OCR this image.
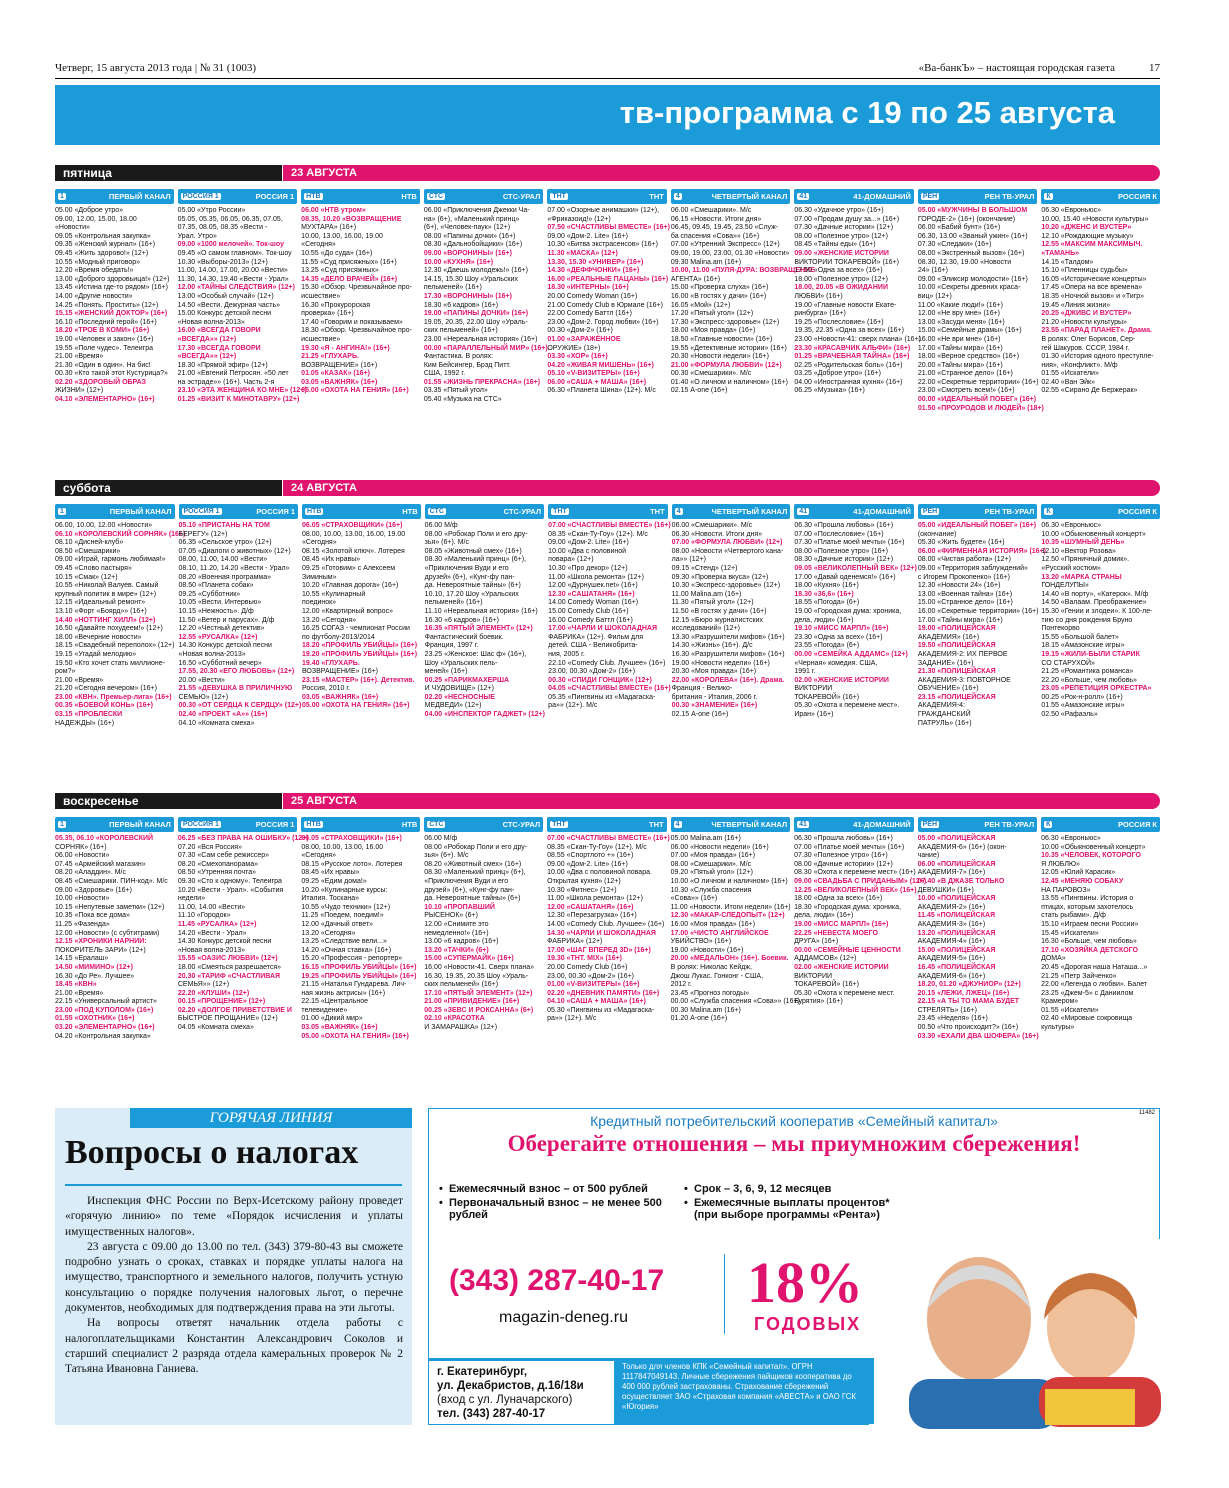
Четверг, 15 августа 2013 года | № 31 (1003)	«Ва-банкЪ» – настоящая городская газета	17
тв-программа с 19 по 25 августа
пятница	23 АВГУСТА
1	ПЕРВЫЙ КАНАЛ
05.00 «Доброе утро»
09.00, 12.00, 15.00, 18.00
«Новости»
09.05 «Контрольная закупка»
09.35 «Женский журнал» (16+)
09.45 «Жить здорово!» (12+)
10.55 «Модный приговор»
12.20 «Время обедать!»
13.00 «Доброго здоровьица!» (12+)
13.45 «Истина где-то рядом» (16+)
14.00 «Другие новости»
14.25 «Понять. Простить» (12+)
15.15 «ЖЕНСКИЙ ДОКТОР» (16+)
16.10 «Последний герой» (16+)
18.20 «ТРОЕ В КОМИ» (16+)
19.00 «Человек и закон» (16+)
19.55 «Поле чудес». Телеигра
21.00 «Время»
21.30 «Один в один». На бис!
00.30 «Кто такой этот Кустурица?»
02.20 «ЗДОРОВЫЙ ОБРАЗ
ЖИЗНИ» (12+)
04.10 «ЭЛЕМЕНТАРНО» (16+)
РОССИЯ 1	РОССИЯ 1
05.00 «Утро России»
05.05, 05.35, 06.05, 06.35, 07.05,
07.35, 08.05, 08.35 «Вести -
Урал. Утро»
09.00 «1000 мелочей». Ток-шоу
09.45 «О самом главном». Ток-шоу
10.30 «Выборы-2013» (12+)
11.00, 14.00, 17.00, 20.00 «Вести»
11.30, 14.30, 19.40 «Вести - Урал»
12.00 «ТАЙНЫ СЛЕДСТВИЯ» (12+)
13.00 «Особый случай» (12+)
14.50 «Вести. Дежурная часть»
15.00 Конкурс детской песни
«Новая волна-2013»
16.00 «ВСЕГДА ГОВОРИ
«ВСЕГДА»» (12+)
17.30 «ВСЕГДА ГОВОРИ
«ВСЕГДА»» (12+)
18.30 «Прямой эфир» (12+)
21.00 «Евгений Петросян. «50 лет
на эстраде»» (16+). Часть 2-я
23.10 «ЭТА ЖЕНЩИНА КО МНЕ» (12+)
01.25 «ВИЗИТ К МИНОТАВРУ» (12+)
НТВ	НТВ
06.00 «НТВ утром»
08.35, 10.20 «ВОЗВРАЩЕНИЕ
МУХТАРА» (16+)
10.00, 13.00, 16.00, 19.00
«Сегодня»
10.55 «До суда» (16+)
11.55 «Суд присяжных» (16+)
13.25 «Суд присяжных»
14.35 «ДЕЛО ВРАЧЕЙ» (16+)
15.30 «Обзор. Чрезвычайное про-
исшествие»
16.30 «Прокурорская
проверка» (16+)
17.40 «Говорим и показываем»
18.30 «Обзор. Чрезвычайное про-
исшествие»
19.30 «Я - АНГИНА!» (16+)
21.25 «ГЛУХАРЬ.
ВОЗВРАЩЕНИЕ» (16+)
01.05 «КАЗАК» (16+)
03.05 «ВАЖНЯК» (16+)
05.00 «ОХОТА НА ГЕНИЯ» (16+)
СТС	СТС-УРАЛ
06.00 «Приключения Джекки Ча-
на» (6+), «Маленький принц»
(6+), «Человек-паук» (12+)
08.00 «Папины дочки» (16+)
08.30 «Дальнобойщики» (16+)
09.00 «ВОРОНИНЫ» (16+)
10.00 «КУХНЯ» (16+)
12.30 «Даешь молодежь!» (16+)
14.15, 15.30 Шоу «Уральских
пельменей» (16+)
17.30 «ВОРОНИНЫ» (16+)
18.30 «6 кадров» (16+)
19.00 «ПАПИНЫ ДОЧКИ» (16+)
19.05, 20.35, 22.00 Шоу «Ураль-
ских пельменей» (16+)
23.00 «Нереальная история» (16+)
00.00 «ПАРАЛЛЕЛЬНЫЙ МИР» (16+).
Фантастика. В ролях:
Ким Бейсингер, Брэд Питт.
США, 1992 г.
01.55 «ЖИЗНЬ ПРЕКРАСНА» (16+)
03.35 «Пятый угол»
05.40 «Музыка на СТС»
ТНТ	ТНТ
07.00 «Озорные анимашки» (12+),
«Фриказоид!» (12+)
07.50 «СЧАСТЛИВЫ ВМЕСТЕ» (16+)
09.00 «Дом-2. Lite» (16+)
10.30 «Битва экстрасенсов» (16+)
11.30 «МАСКА» (12+)
13.30, 15.30 «УНИВЕР» (16+)
14.30 «ДЕФФЧОНКИ» (16+)
16.00 «РЕАЛЬНЫЕ ПАЦАНЫ» (16+)
18.30 «ИНТЕРНЫ» (16+)
20.00 Comedy Woman (16+)
21.00 Comedy Club в Юрмале (16+)
22.00 Comedy Баттл (16+)
23.00 «Дом-2. Город любви» (16+)
00.30 «Дом-2» (16+)
01.00 «ЗАРАЖЁННОЕ
ОРУЖИЕ» (18+)
03.30 «ХОР» (16+)
04.20 «ЖИВАЯ МИШЕНЬ» (16+)
05.10 «V-ВИЗИТЕРЫ» (16+)
06.00 «САША + МАША» (16+)
06.30 «Планета Шина» (12+). М/с
4	ЧЕТВЕРТЫЙ КАНАЛ
06.00 «Смешарики». М/с
06.15 «Новости. Итоги дня»
06.45, 09.45, 19.45, 23.50 «Служ-
ба спасения «Сова»» (16+)
07.00 «Утренний Экспресс» (12+)
09.00, 19.00, 23.00, 01.30 «Новости»
09.30 Malina.am (16+)
10.00, 11.00 «ПУЛЯ-ДУРА: ВОЗВРАЩЕНИЕ
АГЕНТА» (16+)
15.00 «Проверка слуха» (16+)
16.00 «В гостях у дачи» (16+)
16.05 «Мой» (12+)
17.20 «Пятый угол» (12+)
17.30 «Экспресс-здоровье» (12+)
18.00 «Моя правда» (16+)
18.50 «Главные новости» (16+)
19.55 «Детективные истории» (16+)
20.30 «Новости недели» (16+)
21.00 «ФОРМУЛА ЛЮБВИ» (12+)
00.30 «Смешарики». М/с
01.40 «О личном и наличном» (16+)
02.15 А-one (16+)
41	41-ДОМАШНИЙ
06.30 «Удачное утро» (16+)
07.00 «Продам душу за...» (16+)
07.30 «Дачные истории» (12+)
08.00 «Полезное утро» (12+)
08.45 «Тайны еды» (16+)
09.00 «ЖЕНСКИЕ ИСТОРИИ
ВИКТОРИИ ТОКАРЕВОЙ» (16+)
17.50 «Одна за всех» (16+)
18.00 «Полезное утро» (12+)
18.00, 20.05 «В ОЖИДАНИИ
ЛЮБВИ» (16+)
19.00 «Главные новости Екате-
ринбурга» (16+)
19.25 «Послесловие» (16+)
19.35, 22.35 «Одна за всех» (16+)
23.00 «Новости-41: сверх плана» (16+)
23.30 «КРАСАВЧИК АЛЬФИ» (16+)
01.25 «ВРАЧЕБНАЯ ТАЙНА» (16+)
02.25 «Родительская боль» (16+)
03.25 «Доброе утро» (16+)
04.00 «Иностранная кухня» (16+)
06.25 «Музыка» (16+)
РЕН	РЕН ТВ-УРАЛ
05.00 «МУЖЧИНЫ В БОЛЬШОМ
ГОРОДЕ-2» (16+) (окончание)
06.00 «Бабий бунт» (16+)
06.30, 13.00 «Званый ужин» (16+)
07.30 «Следаки» (16+)
08.00 «Экстренный вызов» (16+)
08.30, 12.30, 19.00 «Новости
24» (16+)
09.00 «Эликсир молодости» (16+)
10.00 «Секреты древних краса-
виц» (12+)
11.00 «Какие люди!» (16+)
12.00 «Не вру мне» (16+)
13.00 «Засуди меня» (16+)
15.00 «Семейные драмы» (16+)
16.00 «Не ври мне» (16+)
17.00 «Тайны мира» (16+)
18.00 «Верное средство» (16+)
20.00 «Тайны мира» (16+)
21.00 «Странное дело» (16+)
22.00 «Секретные территории» (16+)
23.00 «Смотреть всем!» (16+)
00.00 «ИДЕАЛЬНЫЙ ПОБЕГ» (16+)
01.50 «ПРОУРОДОВ И ЛЮДЕЙ» (18+)
К	РОССИЯ К
06.30 «Евроньюс»
10.00, 15.40 «Новости культуры»
10.20 «ДЖЕНС И ВУСТЕР»
12.10 «Рождающие музыку»
12.55 «МАКСИМ МАКСИМЫЧ.
«ТАМАНЬ»
14.15 «Талдом»
15.10 «Пленницы судьбы»
16.05 «Исторические концерты»
17.45 «Опера на все времена»
18.35 «Ночной вызов» и «Тигр»
19.45 «Линия жизни»
20.25 «ДЖИВС И ВУСТЕР»
21.20 «Новости культуры»
23.55 «ПАРАД ПЛАНЕТ». Драма.
В ролях: Олег Борисов, Сер-
гей Шакуров. СССР, 1984 г.
01.30 «История одного преступле-
ния», «Конфликт». М/ф
01.55 «Искатели»
02.40 «Ван Эйк»
02.55 «Сирано Де Бержерак»
суббота	24 АВГУСТА
1	ПЕРВЫЙ КАНАЛ
06.00, 10.00, 12.00 «Новости»
06.10 «КОРОЛЕВСКИЙ СОРНЯК» (16+)
08.10 «Дисней-клуб»
08.50 «Смешарики»
09.00 «Играй, гармонь любимая!»
09.45 «Слово пастыря»
10.15 «Смак» (12+)
10.55 «Николай Валуев. Самый
крупный политик в мире» (12+)
12.15 «Идеальный ремонт»
13.10 «Форт «Боярд»» (16+)
14.40 «НОТТИНГ ХИЛЛ» (12+)
16.50 «Давайте похудеем!» (12+)
18.00 «Вечерние новости»
18.15 «Свадебный переполох» (12+)
19.15 «Угадай мелодию»
19.50 «Кто хочет стать миллионе-
ром?»
21.00 «Время»
21.20 «Сегодня вечером» (16+)
23.00 «КВН». Премьер-лига» (16+)
00.35 «БОЕВОЙ КОНЬ» (16+)
03.15 «ПРОБЛЕСКИ
НАДЕЖДЫ» (16+)
РОССИЯ 1	РОССИЯ 1
05.10 «ПРИСТАНЬ НА ТОМ
БЕРЕГУ» (12+)
06.35 «Сельское утро» (12+)
07.05 «Диалоги о животных» (12+)
08.00, 11.00, 14.00 «Вести»
08.10, 11.20, 14.20 «Вести - Урал»
08.20 «Военная программа»
08.50 «Планета собак»
09.25 «Субботник»
10.05 «Вести. Интервью»
10.15 «Нежность». Д/ф
11.50 «Ветер и парусах». Д/ф
12.20 «Честный детектив»
12.55 «РУСАЛКА» (12+)
14.30 Конкурс детской песни
«Новая волна-2013»
16.50 «Субботний вечер»
17.55, 20.30 «ЕГО ЛЮБОВЬ» (12+)
20.00 «Вести»
21.55 «ДЕВУШКА В ПРИЛИЧНУЮ
СЕМЬЮ» (12+)
00.30 «ОТ СЕРДЦА К СЕРДЦУ» (12+)
02.40 «ПРОЕКТ «А»» (16+)
04.10 «Комната смеха»
НТВ	НТВ
06.05 «СТРАХОВЩИКИ» (16+)
08.00, 10.00, 13.00, 16.00, 19.00
«Сегодня»
08.15 «Золотой ключ». Лотерея
08.45 «Их нравы»
09.25 «Готовим» с Алексеем
Зиминым»
10.20 «Главная дорога» (16+)
10.55 «Кулинарный
поединок»
12.00 «Квартирный вопрос»
13.20 «Сегодня»
16.25 СОГАЗ - чемпионат России
по футболу-2013/2014
18.20 «ПРОФИЛЬ УБИЙЦЫ» (16+)
19.20 «ПРОФИЛЬ УБИЙЦЫ» (16+)
19.40 «ГЛУХАРЬ.
ВОЗВРАЩЕНИЕ» (16+)
23.15 «МАСТЕР» (16+). Детектив.
Россия, 2010 г.
03.05 «ВАЖНЯК» (16+)
05.00 «ОХОТА НА ГЕНИЯ» (16+)
СТС	СТС-УРАЛ
06.00 М/ф
08.00 «Робокар Поли и его дру-
зья» (6+). М/с
08.05 «Животный смех» (16+)
08.30 «Маленький принц» (6+),
«Приключения Вуди и его
друзей» (6+), «Кунг-фу пан-
да. Невероятные тайны» (6+)
10.10, 17.20 Шоу «Уральских
пельменей» (16+)
11.10 «Нереальная история» (16+)
16.30 «6 кадров» (16+)
16.35 «ПЯТЫЙ ЭЛЕМЕНТ» (12+)
Фантастический боевик.
Франция, 1997 г.
23.25 «Женское: Шас ф» (16+),
Шоу «Уральских пель-
меней» (16+)
00.25 «ПАРИКМАХЕРША
И ЧУДОВИЩЕ» (12+)
02.20 «НЕСНОСНЫЕ
МЕДВЕДИ» (12+)
04.00 «ИНСПЕКТОР ГАДЖЕТ» (12+)
ТНТ	ТНТ
07.00 «СЧАСТЛИВЫ ВМЕСТЕ» (16+)
08.35 «Скан-Ту-Гоу» (12+). М/с
09.00 «Дом-2. Lite» (16+)
10.00 «Два с половиной
повара» (12+)
10.30 «Про декор» (12+)
11.00 «Школа ремонта» (12+)
12.00 «Дурнушек.net» (16+)
12.30 «САШАТАНЯ» (16+)
14.00 Comedy Woman (16+)
15.00 Comedy Club (16+)
16.00 Comedy Баттл (16+)
17.00 «ЧАРЛИ И ШОКОЛАДНАЯ
ФАБРИКА» (12+). Фильм для
детей. США - Великобрита-
ния, 2005 г.
22.10 «Comedy Club. Лучшее» (16+)
23.00, 00.30 «Дом-2» (16+)
00.30 «СПИДИ ГОНЩИК» (12+)
04.05 «СЧАСТЛИВЫ ВМЕСТЕ» (16+)
05.35 «Пингвины из «Мадагаска-
ра»» (12+). М/с
4	ЧЕТВЕРТЫЙ КАНАЛ
06.00 «Смешарики». М/с
06.30 «Новости. Итоги дня»
07.00 «ФОРМУЛА ЛЮБВИ» (12+)
08.00 «Новости «Четвертого кана-
ла»» (12+)
09.15 «Стенд» (12+)
09.30 «Проверка вкуса» (12+)
10.30 «Экспресс-здоровье» (12+)
11.00 Malina.am (16+)
11.30 «Пятый угол» (12+)
11.50 «В гостях у дачи» (16+)
12.15 «Бюро журналистских
исследований» (12+)
13.30 «Разрушители мифов» (16+)
14.30 «Жизнь» (16+). Д/с
16.30 «Разрушители мифов» (16+)
19.00 «Новости недели» (16+)
20.30 «Моя правда» (16+)
22.00 «КОРОЛЕВА» (16+). Драма.
Франция - Велико-
британия - Италия, 2006 г.
00.30 «ЗНАМЕНИЕ» (16+)
02.15 А-one (16+)
41	41-ДОМАШНИЙ
06.30 «Прошла любовь» (16+)
07.00 «Послесловие» (16+)
07.30 «Платье моей мечты» (16+)
08.00 «Полезное утро» (16+)
08.30 «Дачные истории» (12+)
09.05 «ВЕЛИКОЛЕПНЫЙ ВЕК» (12+)
17.00 «Давай оденемся!» (16+)
18.00 «Кухня» (16+)
18.30 «36,6» (16+)
18.55 «Погода» (6+)
19.00 «Городская дума: хроника,
дела, люди» (16+)
19.10 «МИСС МАРПЛ» (16+)
23.30 «Одна за всех» (16+)
23.55 «Погода» (6+)
00.00 «СЕМЕЙКА АДДАМС» (12+)
«Черная» комедия. США,
1991 г.
02.00 «ЖЕНСКИЕ ИСТОРИИ
ВИКТОРИИ
ТОКАРЕВОЙ» (16+)
05.30 «Охота к перемене мест».
Иран» (16+)
РЕН	РЕН ТВ-УРАЛ
05.00 «ИДЕАЛЬНЫЙ ПОБЕГ» (16+)
(окончание)
05.30 «Жить будете» (16+)
06.00 «ФИРМЕННАЯ ИСТОРИЯ» (16+)
08.00 «Чистая работа» (12+)
09.00 «Территория заблуждений»
с Игорем Прокопенко» (16+)
12.30 «Новости 24» (16+)
13.00 «Военная тайна» (16+)
15.00 «Странное дело» (16+)
16.00 «Секретные территории» (16+)
17.00 «Тайны мира» (16+)
19.00 «ПОЛИЦЕЙСКАЯ
АКАДЕМИЯ» (16+)
19.50 «ПОЛИЦЕЙСКАЯ
АКАДЕМИЯ-2: ИХ ПЕРВОЕ
ЗАДАНИЕ» (16+)
21.30 «ПОЛИЦЕЙСКАЯ
АКАДЕМИЯ-3: ПОВТОРНОЕ
ОБУЧЕНИЕ» (16+)
23.15 «ПОЛИЦЕЙСКАЯ
АКАДЕМИЯ-4:
ГРАЖДАНСКИЙ
ПАТРУЛЬ» (16+)
К	РОССИЯ К
06.30 «Евроньюс»
10.00 «Обыкновенный концерт»
10.35 «ШУМНЫЙ ДЕНЬ»
12.10 «Вектор Розова»
12.50 «Пряничный домик».
«Русский костюм»
13.20 «МАРКА СТРАНЫ
ГОНДЕЛУПЫ»
14.40 «В порту», «Катерок». М/ф
14.50 «Валаам. Преображение»
15.30 «Гении и злодеи». К 100-ле-
тию со дня рождения Бруно
Понтекорво
15.55 «Большой балет»
18.15 «Амазонские игры»
19.15 «ЖИЛИ-БЫЛИ СТАРИК
СО СТАРУХОЙ»
21.25 «Романтика романса»
22.20 «Больше, чем любовь»
23.05 «РЕПЕТИЦИЯ ОРКЕСТРА»
00.25 «Рок-н-ролл» (16+)
01.55 «Амазонские игры»
02.50 «Рафаэль»
воскресенье	25 АВГУСТА
1	ПЕРВЫЙ КАНАЛ
05.35, 06.10 «КОРОЛЕВСКИЙ
СОРНЯК» (16+)
06.00 «Новости»
07.45 «Армейский магазин»
08.20 «Аладдин». М/с
08.45 «Смешарики. ПИН-код». М/с
09.00 «Здоровье» (16+)
10.00 «Новости»
10.15 «Непутевые заметки» (12+)
10.35 «Пока все дома»
11.25 «Фазенда»
12.00 «Новости» (с субтитрами)
12.15 «ХРОНИКИ НАРНИИ:
ПОКОРИТЕЛЬ ЗАРИ» (12+)
14.15 «Ералаш»
14.50 «МИМИНО» (12+)
16.30 «До Ре». Лучшее»
18.45 «КВН»
21.00 «Время»
22.15 «Универсальный артист»
23.00 «ПОД КУПОЛОМ» (16+)
01.55 «ОХОТНИК» (16+)
03.20 «ЭЛЕМЕНТАРНО» (16+)
04.20 «Контрольная закупка»
РОССИЯ 1	РОССИЯ 1
06.25 «БЕЗ ПРАВА НА ОШИБКУ» (12+)
07.20 «Вся Россия»
07.30 «Сам себе режиссер»
08.20 «Смехопанорама»
08.50 «Утренняя почта»
09.30 «Сто к одному». Телеигра
10.20 «Вести - Урал». «События
недели»
11.00, 14.00 «Вести»
11.10 «Городок»
11.45 «РУСАЛКА» (12+)
14.20 «Вести - Урал»
14.30 Конкурс детской песни
«Новая волна-2013»
15.55 «ОАЗИС ЛЮБВИ» (12+)
18.00 «Смеяться разрешается»
20.30 «ТАРИФ «СЧАСТЛИВАЯ
СЕМЬЯ»» (12+)
22.20 «КЛУШИ» (12+)
00.15 «ПРОЩЕНИЕ» (12+)
02.20 «ДОЛГОЕ ПРИВЕТСТВИЕ И
БЫСТРОЕ ПРОЩАНИЕ» (12+)
04.05 «Комната смеха»
НТВ	НТВ
06.05 «СТРАХОВЩИКИ» (16+)
08.00, 10.00, 13.00, 16.00
«Сегодня»
08.15 «Русское лото». Лотерея
08.45 «Их нравы»
09.25 «Едим дома!»
10.20 «Кулинарные курсы:
Италия. Тоскана»
10.55 «Чудо техники» (12+)
11.25 «Поедем, поедим!»
12.00 «Дачный ответ»
13.20 «Сегодня»
13.25 «Следствие вели...»
14.20 «Очная ставка» (16+)
15.20 «Профессия - репортер»
16.15 «ПРОФИЛЬ УБИЙЦЫ» (16+)
19.25 «ПРОФИЛЬ УБИЙЦЫ» (16+)
21.15 «Наталья Гундарева. Лич-
ная жизнь актрисы» (16+)
22.15 «Центральное
телевидение»
01.00 «Дикий мир»
03.05 «ВАЖНЯК» (16+)
05.00 «ОХОТА НА ГЕНИЯ» (16+)
СТС	СТС-УРАЛ
06.00 М/ф
08.00 «Робокар Поли и его дру-
зья» (6+). М/с
08.20 «Животный смех» (16+)
08.30 «Маленький принц» (6+),
«Приключения Вуди и его
друзей» (6+), «Кунг-фу пан-
да. Невероятные тайны» (6+)
10.10 «ПРОПАВШИЙ
РЫСЕНОК» (6+)
12.00 «Снимите это
немедленно!» (16+)
13.00 «6 кадров» (16+)
13.20 «ТАЧКИ» (6+)
15.00 «СУПЕРМАЙК» (16+)
16.00 «Новости-41. Сверх плана»
16.30, 19.35, 20.35 Шоу «Ураль-
ских пельменей» (16+)
17.10 «ПЯТЫЙ ЭЛЕМЕНТ» (12+)
21.00 «ПРИВИДЕНИЕ» (16+)
00.25 «ЗЕВС И РОКСАННА» (6+)
02.10 «КРАСОТКА
И ЗАМАРАШКА» (12+)
ТНТ	ТНТ
07.00 «СЧАСТЛИВЫ ВМЕСТЕ» (16+)
08.35 «Скан-Ту-Гоу» (12+). М/с
08.55 «Спортлото +» (16+)
09.00 «Дом-2. Lite» (16+)
10.00 «Два с половиной повара.
Открытая кухня» (12+)
10.30 «Фитнес» (12+)
11.00 «Школа ремонта» (12+)
12.00 «САШАТАНЯ» (16+)
12.30 «Перезагрузка» (16+)
14.00 «Comedy Club. Лучшее» (16+)
14.30 «ЧАРЛИ И ШОКОЛАДНАЯ
ФАБРИКА» (12+)
17.00 «ШАГ ВПЕРЕД 3D» (16+)
19.30 «ТНТ. MIX» (16+)
20.00 Comedy Club (16+)
23.00, 00.30 «Дом-2» (16+)
01.00 «V-ВИЗИТЕРЫ» (16+)
02.20 «ДНЕВНИК ПАМЯТИ» (16+)
04.10 «САША + МАША» (16+)
05.30 «Пингвины из «Мадагаска-
ра»» (12+). М/с
4	ЧЕТВЕРТЫЙ КАНАЛ
05.00 Malina.am (16+)
06.00 «Новости недели» (16+)
07.00 «Моя правда» (16+)
08.00 «Смешарики». М/с
09.20 «Пятый угол» (12+)
10.00 «О личном и наличном» (16+)
10.30 «Служба спасения
«Сова»» (16+)
11.00 «Новости. Итоги недели» (16+)
12.30 «МАКАР-СЛЕДОПЫТ» (12+)
16.00 «Моя правда» (16+)
17.00 «ЧИСТО АНГЛИЙСКОЕ
УБИЙСТВО» (16+)
19.00 «Новости» (16+)
20.00 «МЕДАЛЬОН» (16+). Боевик.
В ролях: Николас Кейдж,
Джош Лукас. Гонконг - США,
2012 г.
23.45 «Прогноз погоды»
00.00 «Служба спасения «Сова»» (16+)
00.30 Malina.am (16+)
01.20 А-one (16+)
41	41-ДОМАШНИЙ
06.30 «Прошла любовь» (16+)
07.00 «Платье моей мечты» (16+)
07.30 «Полезное утро» (16+)
08.00 «Дачные истории» (12+)
08.30 «Охота к перемене мест» (16+)
09.00 «СВАДЬБА С ПРИДАНЫМ» (12+)
12.25 «ВЕЛИКОЛЕПНЫЙ ВЕК» (16+)
18.00 «Одна за всех» (16+)
18.30 «Городская дума: хроника,
дела, люди» (16+)
19.00 «МИСС МАРПЛ» (16+)
22.25 «НЕВЕСТА МОЕГО
ДРУГА» (16+)
00.00 «СЕМЕЙНЫЕ ЦЕННОСТИ
АДДАМСОВ» (12+)
02.00 «ЖЕНСКИЕ ИСТОРИИ
ВИКТОРИИ
ТОКАРЕВОЙ» (16+)
05.30 «Охота к перемене мест.
Бурятия» (16+)
РЕН	РЕН ТВ-УРАЛ
05.00 «ПОЛИЦЕЙСКАЯ
АКАДЕМИЯ-6» (16+) (окон-
чание)
06.00 «ПОЛИЦЕЙСКАЯ
АКАДЕМИЯ-7» (16+)
07.40 «В ДЖАЗЕ ТОЛЬКО
ДЕВУШКИ» (16+)
10.00 «ПОЛИЦЕЙСКАЯ
АКАДЕМИЯ-2» (16+)
11.45 «ПОЛИЦЕЙСКАЯ
АКАДЕМИЯ-3» (16+)
13.20 «ПОЛИЦЕЙСКАЯ
АКАДЕМИЯ-4» (16+)
15.00 «ПОЛИЦЕЙСКАЯ
АКАДЕМИЯ-5» (16+)
16.45 «ПОЛИЦЕЙСКАЯ
АКАДЕМИЯ-6» (16+)
18.20, 01.20 «ДЖУНИОР» (12+)
20.15 «ЛЕЖИ, ЛЖЕЦ» (16+)
22.15 «А ТЫ ТО МАМА БУДЕТ
СТРЕЛЯТЬ» (16+)
23.45 «Неделя» (16+)
00.50 «Что происходит?» (16+)
03.30 «ЕХАЛИ ДВА ШОФЕРА» (16+)
К	РОССИЯ К
06.30 «Евроньюс»
10.00 «Обыкновенный концерт»
10.35 «ЧЕЛОВЕК, КОТОРОГО
Я ЛЮБЛЮ»
12.05 «Юлий Карасик»
12.45 «МЕНЯЮ СОБАКУ
НА ПАРОВОЗ»
13.55 «Пингвины. История о
птицах, которым захотелось
стать рыбами». Д/ф
15.10 «Играем песни России»
15.45 «Искатели»
16.30 «Больше, чем любовь»
17.10 «ХОЗЯЙКА ДЕТСКОГО
ДОМА»
20.45 «Дорогая наша Наташа...»
21.25 «Петр Зайченко»
22.00 «Легенда о любви». Балет
23.25 «Джем-5» с Даниилом
Крамером»
01.55 «Искатели»
02.40 «Мировые сокровища
культуры»
ГОРЯЧАЯ ЛИНИЯ
Вопросы о налогах

Инспекция ФНС России по Верх-Исетскому району проведет «горячую линию» по теме «Порядок исчисления и уплаты имущественных налогов».

23 августа с 09.00 до 13.00 по тел. (343) 379-80-43 вы сможете подробно узнать о сроках, ставках и порядке уплаты налога на имущество, транспортного и земельного налогов, получить устную консультацию о порядке получения налоговых льгот, о перечне документов, необходимых для подтверждения права на эти льготы.

На вопросы ответят начальник отдела работы с налогоплательщиками Константин Александрович Соколов и старший специалист 2 разряда отдела камеральных проверок № 2 Татьяна Ивановна Ганиева.

11482
Кредитный потребительский кооператив «Семейный капитал»
Оберегайте отношения – мы приумножим сбережения!
• Ежемесячный взнос – от 500 рублей
• Первоначальный взнос – не менее 500 рублей
• Срок – 3, 6, 9, 12 месяцев
• Ежемесячные выплаты процентов* (при выборе программы «Рента»)
(343) 287-40-17
magazin-deneg.ru
18%
ГОДОВЫХ
г. Екатеринбург,
ул. Декабристов, д.16/18и
(вход с ул. Луначарского)
тел. (343) 287-40-17
Только для членов КПК «Семейный капитал». ОГРН 1117847049143. Личные сбережения пайщиков кооператива до 400 000 рублей застрахованы. Страхование сбережений осуществляет ЗАО «Страховая компания «АВЕСТА» и ОАО ГСК «Югория»
